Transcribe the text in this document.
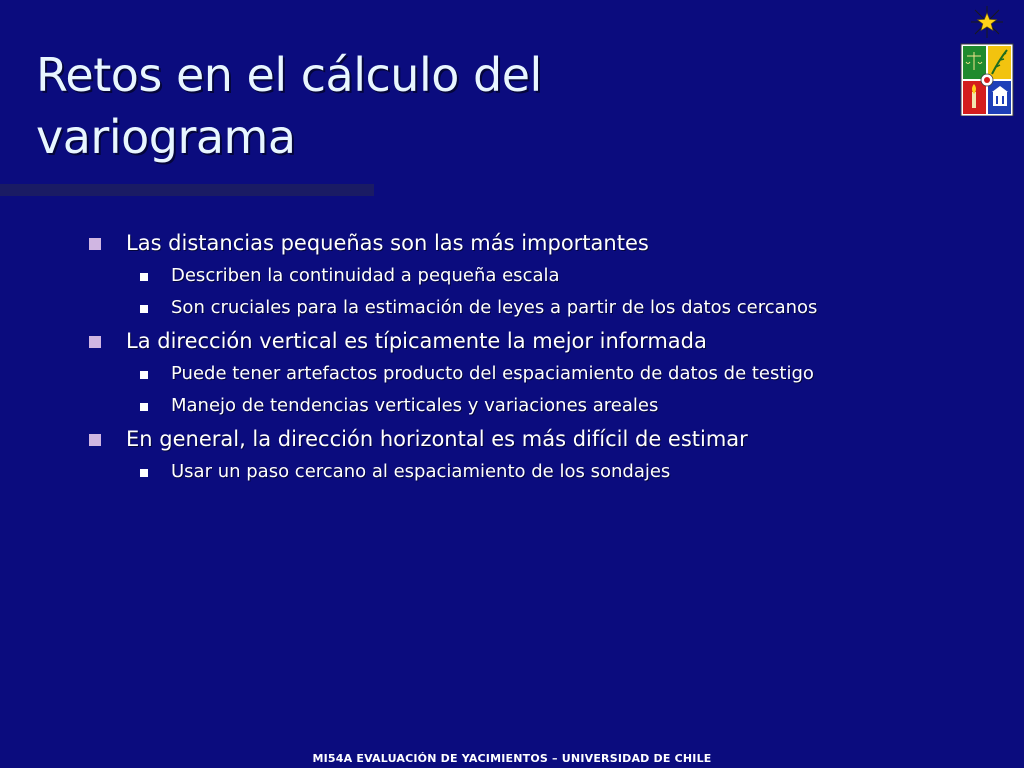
Retos en el cálculo del
variograma
Las distancias pequeñas son las más importantes
Describen la continuidad a pequeña escala
Son cruciales para la estimación de leyes a partir de los datos cercanos
La dirección vertical es típicamente la mejor informada
Puede tener artefactos producto del espaciamiento de datos de testigo
Manejo de tendencias verticales y variaciones areales
En general, la dirección horizontal es más difícil de estimar
Usar un paso cercano al espaciamiento de los sondajes
MI54A EVALUACIÓN DE YACIMIENTOS – UNIVERSIDAD DE CHILE
